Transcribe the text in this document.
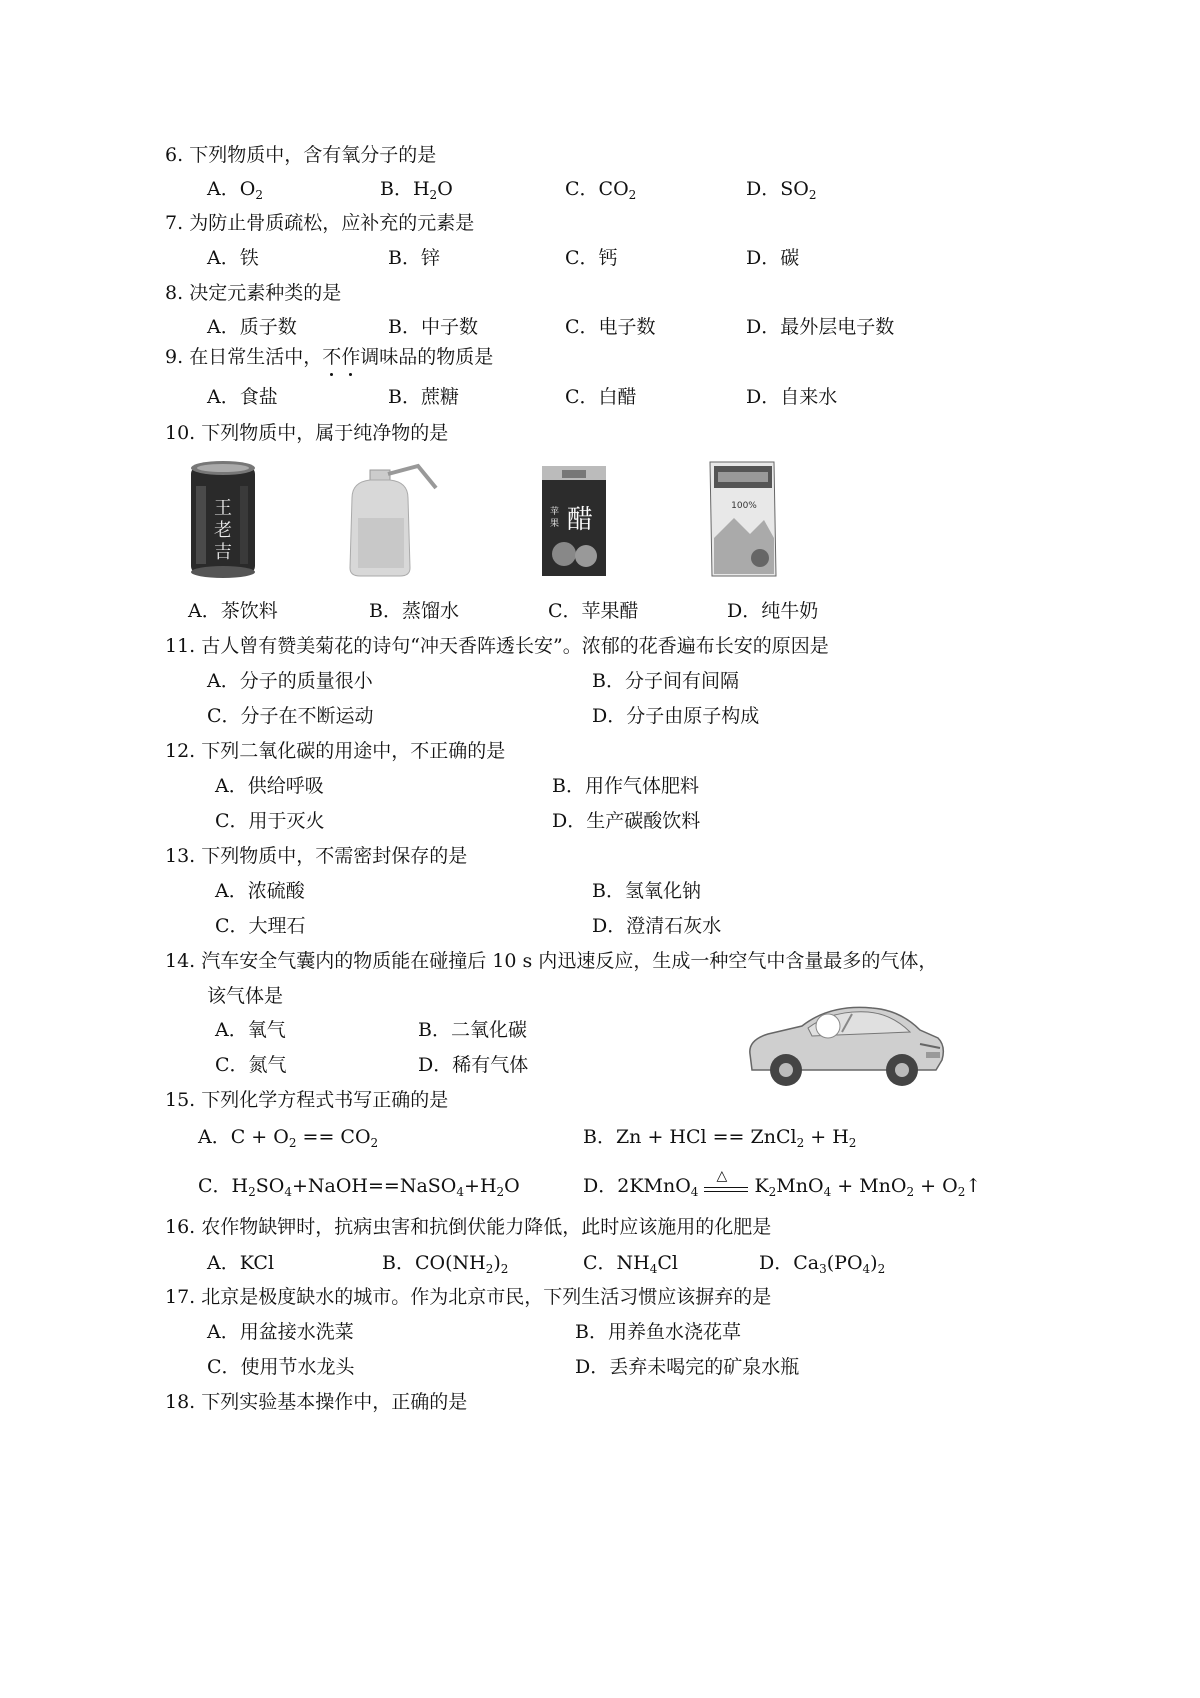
6. 下列物质中，含有氧分子的是
A．$O_2$	B．$H_2O$	C．$CO_2$	D．$SO_2$
7. 为防止骨质疏松，应补充的元素是
A．铁	B．锌	C．钙	D．碳
8. 决定元素种类的是
A．质子数	B．中子数	C．电子数	D．最外层电子数
9. 在日常生活中，不作调味品的物质是
A．食盐	B．蔗糖	C．白醋	D．自来水
10. 下列物质中，属于纯净物的是
王
老
吉
醋
苹
果
100%
A．茶饮料	B．蒸馏水	C．苹果醋	D．纯牛奶
11. 古人曾有赞美菊花的诗句“冲天香阵透长安”。浓郁的花香遍布长安的原因是
A．分子的质量很小	B．分子间有间隔
C．分子在不断运动	D．分子由原子构成
12. 下列二氧化碳的用途中，不正确的是
A．供给呼吸	B．用作气体肥料
C．用于灭火	D．生产碳酸饮料
13. 下列物质中，不需密封保存的是
A．浓硫酸	B．氢氧化钠
C．大理石	D．澄清石灰水
14. 汽车安全气囊内的物质能在碰撞后 10 s 内迅速反应，生成一种空气中含量最多的气体，
该气体是
A．氧气	B．二氧化碳
C．氮气	D．稀有气体
15. 下列化学方程式书写正确的是
A．$C + O_2 == CO_2$	B．Zn + HCl == ZnCl$_2$ + $H_2$
C．$H_2SO_4+NaOH==NaSO_4+H_2O$	D．2KMnO$_4$
△ $K_2MnO_4 + MnO_2$ + $O_2↑$
16. 农作物缺钾时，抗病虫害和抗倒伏能力降低，此时应该施用的化肥是
A．KCl	B．$CO(NH_2)_2$	C．$NH_4Cl$	D．$Ca_3(PO_4)_2$
17. 北京是极度缺水的城市。作为北京市民，下列生活习惯应该摒弃的是
A．用盆接水洗菜	B．用养鱼水浇花草
C．使用节水龙头	D．丢弃未喝完的矿泉水瓶
18. 下列实验基本操作中，正确的是
